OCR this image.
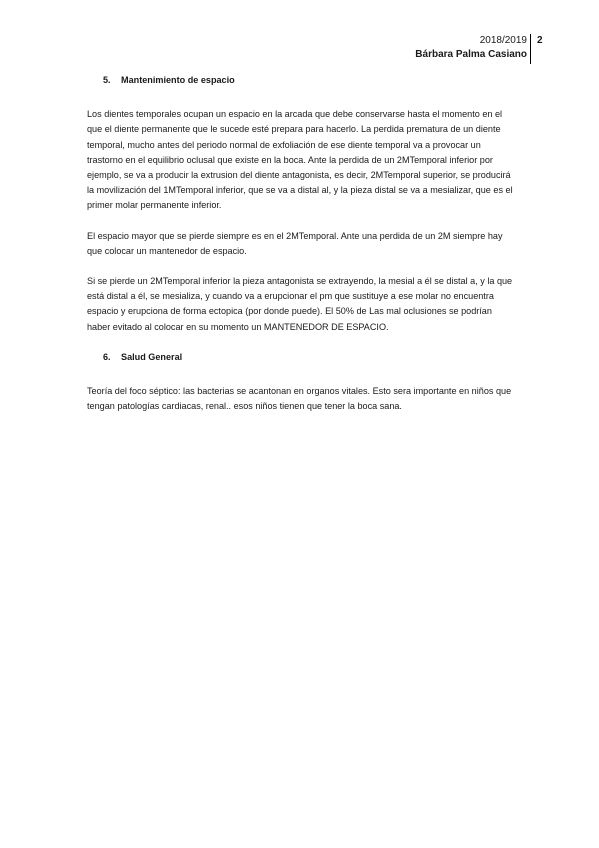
2018/2019
Bárbara Palma Casiano
2
5. Mantenimiento de espacio

Los dientes temporales ocupan un espacio en la arcada que debe conservarse hasta el momento en el que el diente permanente que le sucede esté prepara para hacerlo. La perdida prematura de un diente temporal, mucho antes del periodo normal de exfoliación de ese diente temporal va a provocar un trastorno en el equilibrio oclusal que existe en la boca. Ante la perdida de un 2MTemporal inferior por ejemplo, se va a producir la extrusion del diente antagonista, es decir, 2MTemporal superior, se producirá la movilización del 1MTemporal inferior, que se va a distal al, y la pieza distal se va a mesializar, que es el primer molar permanente inferior.

El espacio mayor que se pierde siempre es en el 2MTemporal. Ante una perdida de un 2M siempre hay que colocar un mantenedor de espacio.

Si se pierde un 2MTemporal inferior la pieza antagonista se extrayendo, la mesial a él se distal a, y la que está distal a él, se mesializa, y cuando va a erupcionar el pm que sustituye a ese molar no encuentra espacio y erupciona de forma ectopica (por donde puede). El 50% de Las mal oclusiones se podrían haber evitado al colocar en su momento un MANTENEDOR DE ESPACIO.

6. Salud General

Teoría del foco séptico: las bacterias se acantonan en organos vitales. Esto sera importante en niños que tengan patologías cardiacas, renal.. esos niños tienen que tener la boca sana.
